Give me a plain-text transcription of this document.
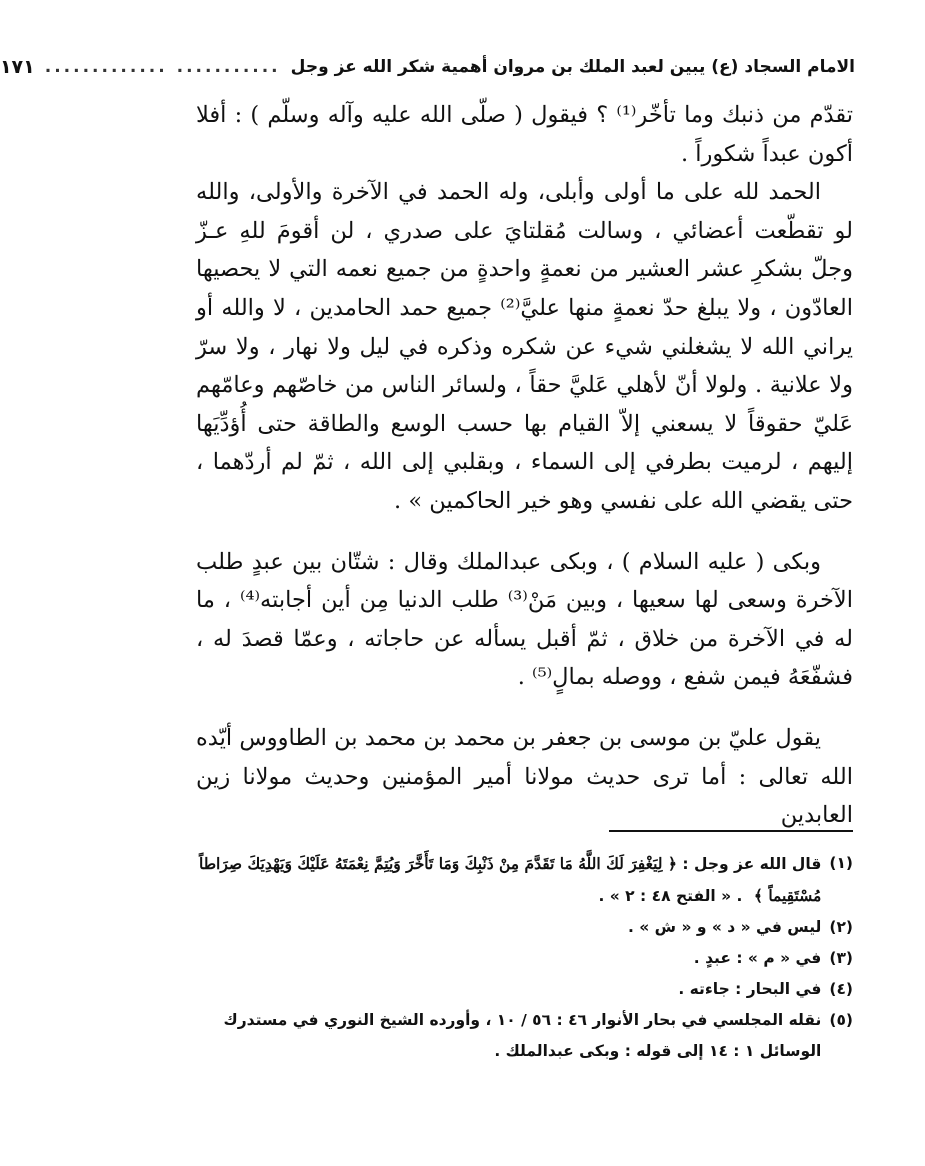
الامام السجاد (ع) يبين لعبد الملك بن مروان أهمية شكر الله عز وجل
........... .............
١٧١

تقدّم من ذنبك وما تأخّر⁽¹⁾ ؟ فيقول ( صلّى الله عليه وآله وسلّم ) : أفلا أكون عبداً شكوراً .

الحمد لله على ما أولى وأبلى، وله الحمد في الآخرة والأولى، والله لو تقطّعت أعضائي ، وسالت مُقلتايَ على صدري ، لن أقومَ للهِ عـزّ وجلّ بشكرِ عشر العشير من نعمةٍ واحدةٍ من جميع نعمه التي لا يحصيها العادّون ، ولا يبلغ حدّ نعمةٍ منها عليَّ⁽²⁾ جميع حمد الحامدين ، لا والله أو يراني الله لا يشغلني شيء عن شكره وذكره في ليل ولا نهار ، ولا سرّ ولا علانية . ولولا أنّ لأهلي عَليَّ حقاً ، ولسائر الناس من خاصّهم وعامّهم عَليّ حقوقاً لا يسعني إلاّ القيام بها حسب الوسع والطاقة حتى أُؤدِّيَها إليهم ، لرميت بطرفي إلى السماء ، وبقلبي إلى الله ، ثمّ لم أردّهما ، حتى يقضي الله على نفسي وهو خير الحاكمين » .

وبكى ( عليه السلام ) ، وبكى عبدالملك وقال : شتّان بين عبدٍ طلب الآخرة وسعى لها سعيها ، وبين مَنْ⁽³⁾ طلب الدنيا مِن أين أجابته⁽⁴⁾ ، ما له في الآخرة من خلاق ، ثمّ أقبل يسأله عن حاجاته ، وعمّا قصدَ له ، فشفّعَهُ فيمن شفع ، ووصله بمالٍ⁽⁵⁾ .

يقول عليّ بن موسى بن جعفر بن محمد بن محمد بن الطاووس أيّده الله تعالى : أما ترى حديث مولانا أمير المؤمنين وحديث مولانا زين العابدين

(١)
قال الله عز وجل : ﴿ لِيَغْفِرَ لَكَ اللَّهُ مَا تَقَدَّمَ مِنْ ذَنْبِكَ وَمَا تَأَخَّرَ وَيُتِمَّ نِعْمَتَهُ عَلَيْكَ وَيَهْدِيَكَ صِرَاطاً مُسْتَقِيماً ﴾ . « الفتح ٤٨ : ٢ » .
(٢)
ليس في « د » و « ش » .
(٣)
في « م » : عبدٍ .
(٤)
في البحار : جاءته .
(٥)
نقله المجلسي في بحار الأنوار ٤٦ : ٥٦ / ١٠ ، وأورده الشيخ النوري في مستدرك الوسائل ١ : ١٤ إلى قوله : وبكى عبدالملك .
